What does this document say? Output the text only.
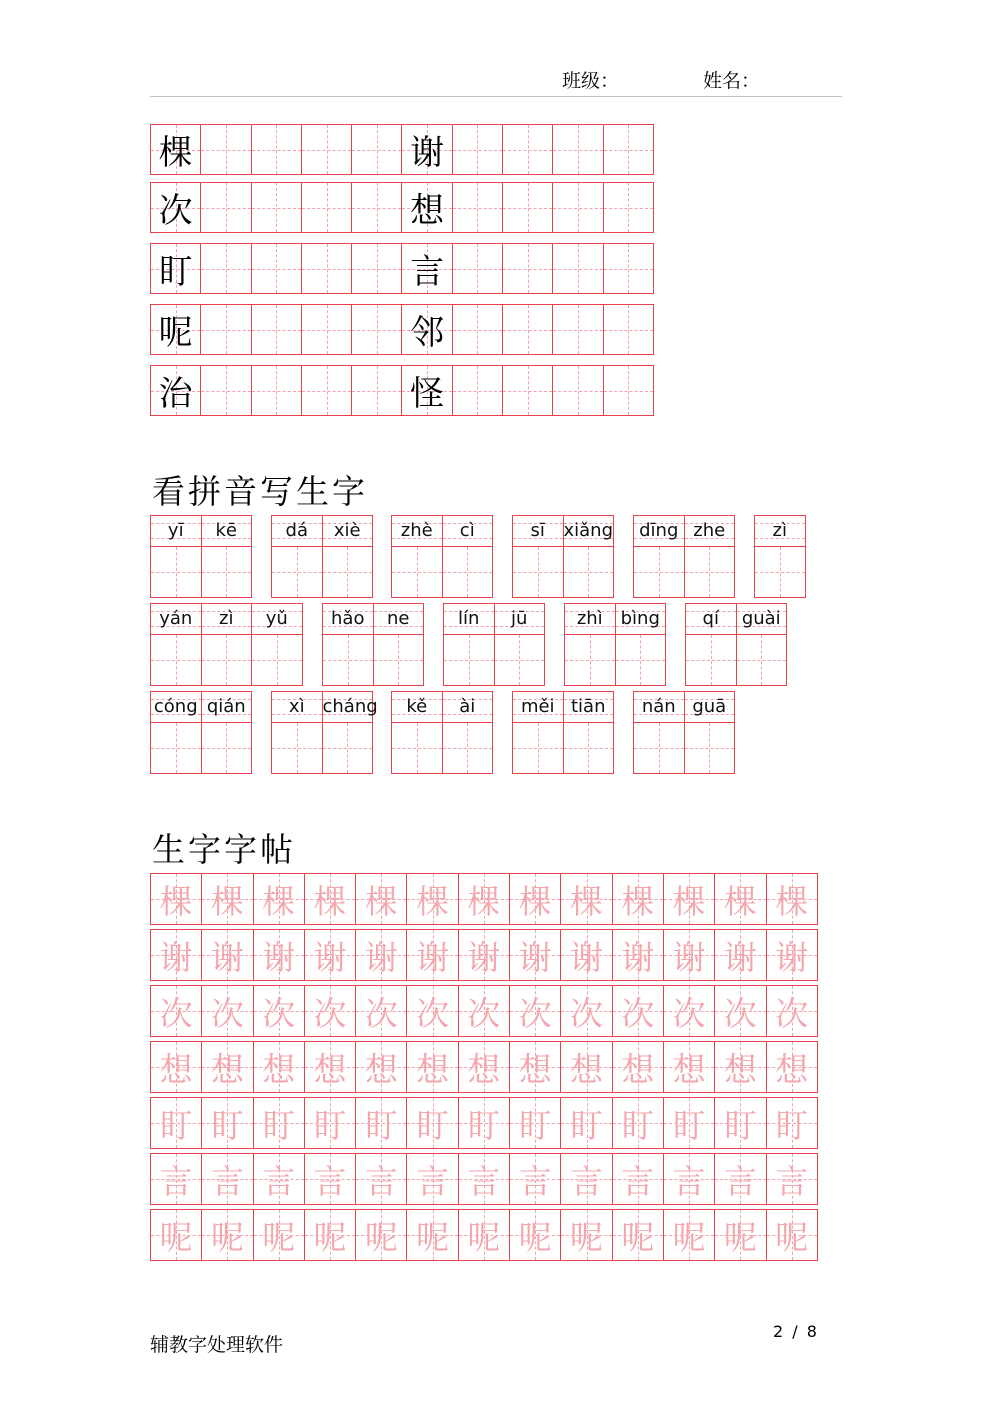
班级：	姓名：
棵	谢
次	想
盯	言
呢	邻
治	怪
看拼音写生字
yī	kē	dá	xiè	zhè	cì	sī	xiǎng	dīng zhe	zì
yán	zì	yǔ	hǎo	ne	lín	jū	zhì bìng	qí	guài
cóng qián	xì cháng	kě	ài	měi tiān	nán guā
生字字帖
棵 棵 棵 棵 棵 棵 棵 棵 棵 棵 棵 棵 棵
谢 谢 谢 谢 谢 谢 谢 谢 谢 谢 谢 谢 谢
次 次 次 次 次 次 次 次 次 次 次 次 次
想 想 想 想 想 想 想 想 想 想 想 想 想
盯 盯 盯 盯 盯 盯 盯 盯 盯 盯 盯 盯 盯
言 言 言 言 言 言 言 言 言 言 言 言 言
呢 呢 呢 呢 呢 呢 呢 呢 呢 呢 呢 呢 呢
辅教字处理软件
2 / 8
